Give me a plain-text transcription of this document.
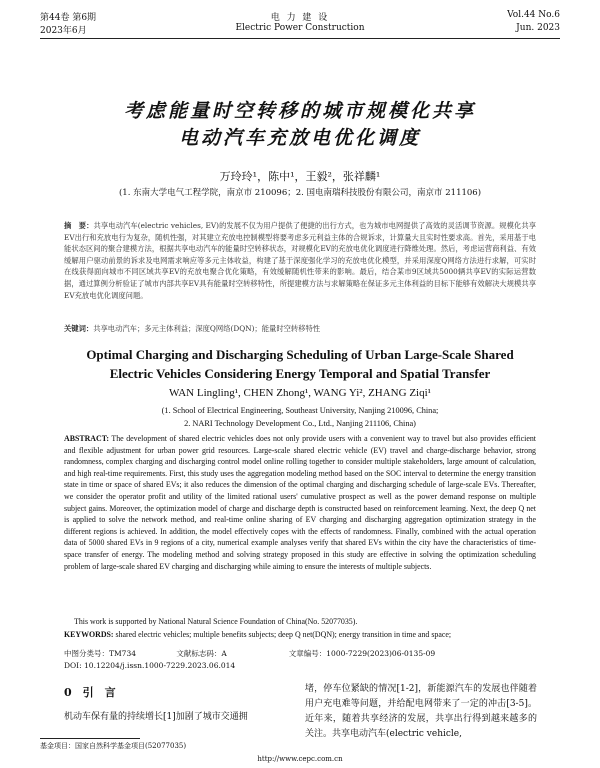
第44卷 第6期	电 力 建 设	Vol.44 No.6
2023年6月	Electric Power Construction	Jun. 2023
考虑能量时空转移的城市规模化共享
电动汽车充放电优化调度
万玲玲¹，陈中¹，王毅²，张祥麟¹
(1. 东南大学电气工程学院，南京市 210096；2. 国电南瑞科技股份有限公司，南京市 211106)
摘　要：共享电动汽车(electric vehicles, EV)的发展不仅为用户提供了便捷的出行方式，也为城市电网提供了高效的灵活调节资源。规模化共享EV出行和充放电行为复杂，随机性强，对其建立充放电控制模型将要考虑多元利益主体的合规诉求，计算量大且实时性要求高。首先，采用基于电能状态区间的聚合建模方法，根据共享电动汽车的能量时空转移状态，对规模化EV的充放电优化调度进行降维处理。然后，考虑运营商利益、有效缓解用户驱动前景的诉求及电网需求响应等多元主体收益，构建了基于深度强化学习的充放电优化模型，并采用深度Q网络方法进行求解，可实时在线获得面向城市不同区域共享EV的充放电聚合优化策略，有效缓解随机性带来的影响。最后，结合某市9区域共5000辆共享EV的实际运营数据，通过算例分析验证了城市内部共享EV具有能量时空转移特性，所提建模方法与求解策略在保证多元主体利益的目标下能够有效解决大规模共享EV充放电优化调度问题。
关键词：共享电动汽车；多元主体利益；深度Q网络(DQN)；能量时空转移特性
Optimal Charging and Discharging Scheduling of Urban Large-Scale Shared
Electric Vehicles Considering Energy Temporal and Spatial Transfer
WAN Lingling¹, CHEN Zhong¹, WANG Yi², ZHANG Ziqi¹
(1. School of Electrical Engineering, Southeast University, Nanjing 210096, China;
2. NARI Technology Development Co., Ltd., Nanjing 211106, China)
ABSTRACT: The development of shared electric vehicles does not only provide users with a convenient way to travel but also provides efficient and flexible adjustment for urban power grid resources. Large-scale shared electric vehicle (EV) travel and charge-discharge behavior, strong randomness, complex charging and discharging control model online rolling together to consider multiple stakeholders, large amount of calculation, and high real-time requirements. First, this study uses the aggregation modeling method based on the SOC interval to determine the energy transition state in time or space of shared EVs; it also reduces the dimension of the optimal charging and discharging schedule of large-scale EVs. Thereafter, we consider the operator profit and utility of the limited rational users' cumulative prospect as well as the power demand response on multiple subject gains. Moreover, the optimization model of charge and discharge depth is constructed based on reinforcement learning. Next, the deep Q net is applied to solve the network method, and real-time online sharing of EV charging and discharging aggregation optimization strategy in the different regions is achieved. In addition, the model effectively copes with the effects of randomness. Finally, combined with the actual operation data of 5000 shared EVs in 9 regions of a city, numerical example analyses verify that shared EVs within the city have the characteristics of time-space transfer of energy. The modeling method and solving strategy proposed in this study are effective in solving the optimization scheduling problem of large-scale shared EV charging and discharging while aiming to ensure the interests of multiple subjects.
This work is supported by National Natural Science Foundation of China(No. 52077035).
KEYWORDS: shared electric vehicles; multiple benefits subjects; deep Q net(DQN); energy transition in time and space;
中图分类号：TM734	文献标志码：A	文章编号：1000-7229(2023)06-0135-09
DOI: 10.12204/j.issn.1000-7229.2023.06.014
0　引　言
机动车保有量的持续增长[1]加剧了城市交通拥
堵，停车位紧缺的情况[1-2]，新能源汽车的发展也伴随着用户充电难等问题，并给配电网带来了一定的冲击[3-5]。近年来，随着共享经济的发展，共享出行得到越来越多的关注。共享电动汽车(electric vehicle,
基金项目：国家自然科学基金项目(52077035)
http://www.cepc.com.cn
